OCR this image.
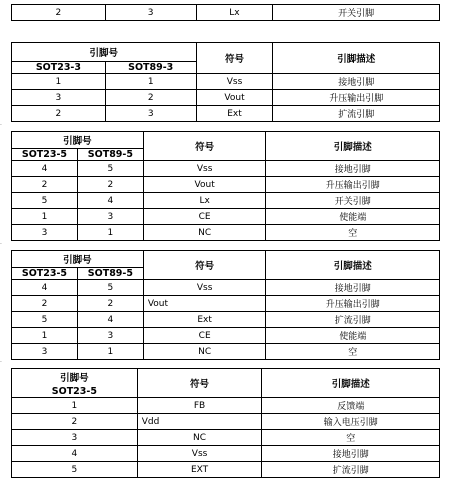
2	3	Lx	开关引脚
引脚号		符号	引脚描述
SOT23-3	SOT89-3		
1	1	Vss	接地引脚
3	2	Vout	升压输出引脚
2	3	Ext	扩流引脚
·
引脚号		符号	引脚描述
SOT23-5	SOT89-5		
4	5	Vss	接地引脚
2	2	Vout	升压输出引脚
5	4	Lx	开关引脚
1	3	CE	使能端
3	1	NC	空
·
引脚号		符号	引脚描述
SOT23-5	SOT89-5		
4	5	Vss	接地引脚
2	2	Vout	升压输出引脚
5	4	Ext	扩流引脚
1	3	CE	使能端
3	1	NC	空
·
引脚号	符号	引脚描述
SOT23-5		
1	FB	反馈端
2	Vdd	输入电压引脚
3	NC	空
4	Vss	接地引脚
5	EXT	扩流引脚
